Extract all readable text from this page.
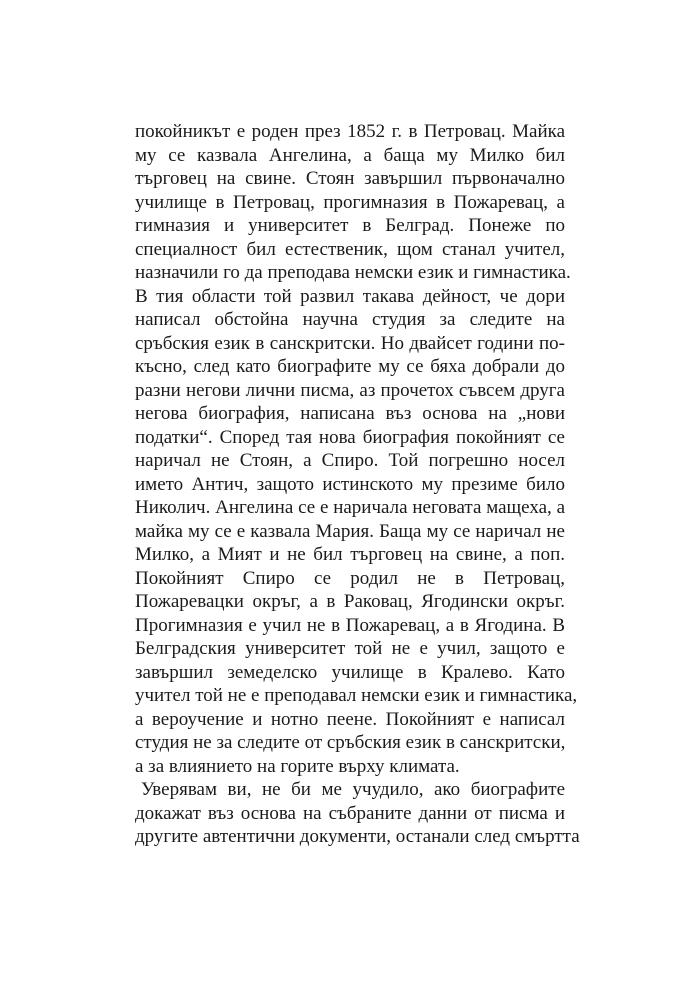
покойникът е роден през 1852 г. в Петровац. Майка
му се казвала Ангелина, а баща му Милко бил
търговец на свине. Стоян завършил първоначално
училище в Петровац, прогимназия в Пожаревац, а
гимназия и университет в Белград. Понеже по
специалност бил естественик, щом станал учител,
назначили го да преподава немски език и гимнастика.
В тия области той развил такава дейност, че дори
написал обстойна научна студия за следите на
сръбския език в санскритски. Но двайсет години по-
късно, след като биографите му се бяха добрали до
разни негови лични писма, аз прочетох съвсем друга
негова биография, написана въз основа на „нови
податки“. Според тая нова биография покойният се
наричал не Стоян, а Спиро. Той погрешно носел
името Антич, защото истинското му презиме било
Николич. Ангелина се е наричала неговата мащеха, а
майка му се е казвала Мария. Баща му се наричал не
Милко, а Мият и не бил търговец на свине, а поп.
Покойният Спиро се родил не в Петровац,
Пожаревацки окръг, а в Раковац, Ягодински окръг.
Прогимназия е учил не в Пожаревац, а в Ягодина. В
Белградския университет той не е учил, защото е
завършил земеделско училище в Кралево. Като
учител той не е преподавал немски език и гимнастика,
а вероучение и нотно пеене. Покойният е написал
студия не за следите от сръбския език в санскритски,
а за влиянието на горите върху климата.

Уверявам ви, не би ме учудило, ако биографите
докажат въз основа на събраните данни от писма и
другите автентични документи, останали след смъртта
